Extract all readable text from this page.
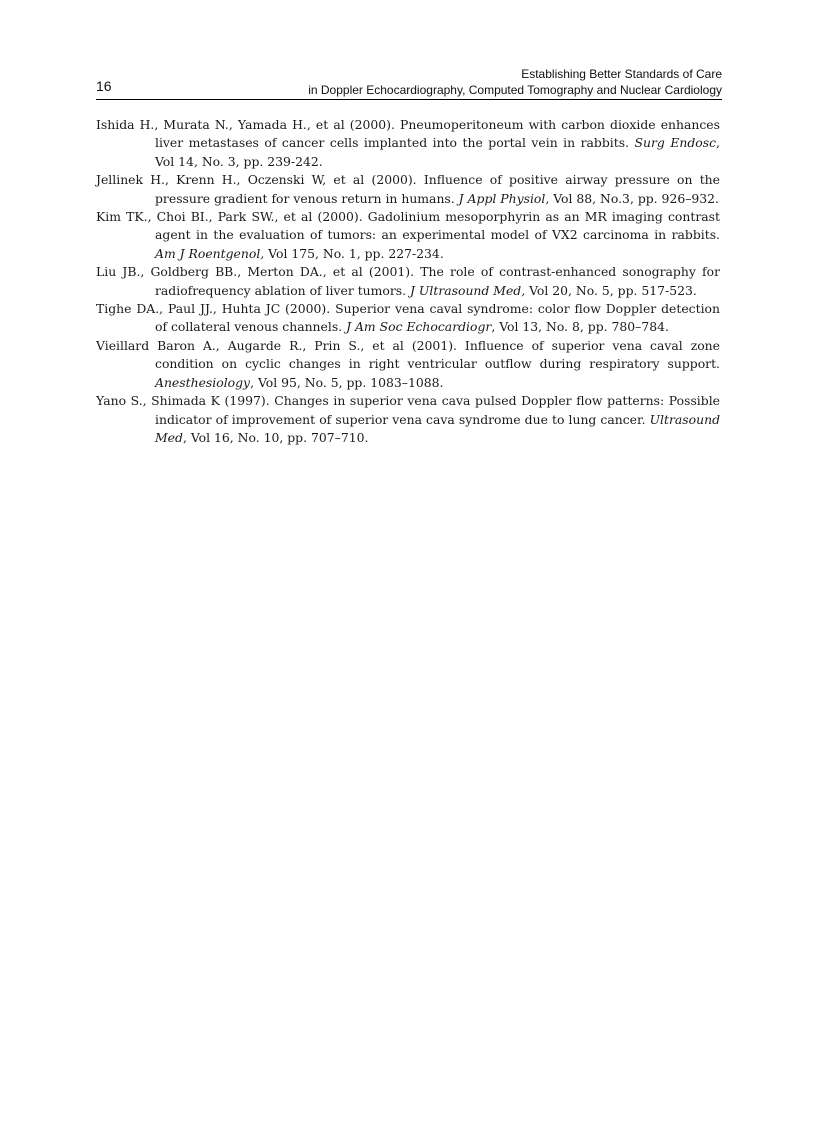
16
Establishing Better Standards of Care
in Doppler Echocardiography, Computed Tomography and Nuclear Cardiology

Ishida H., Murata N., Yamada H., et al (2000). Pneumoperitoneum with carbon dioxide enhances liver metastases of cancer cells implanted into the portal vein in rabbits. Surg Endosc, Vol 14, No. 3, pp. 239-242.

Jellinek H., Krenn H., Oczenski W, et al (2000). Influence of positive airway pressure on the pressure gradient for venous return in humans. J Appl Physiol, Vol 88, No.3, pp. 926–932.

Kim TK., Choi BI., Park SW., et al (2000). Gadolinium mesoporphyrin as an MR imaging contrast agent in the evaluation of tumors: an experimental model of VX2 carcinoma in rabbits. Am J Roentgenol, Vol 175, No. 1, pp. 227-234.

Liu JB., Goldberg BB., Merton DA., et al (2001). The role of contrast-enhanced sonography for radiofrequency ablation of liver tumors. J Ultrasound Med, Vol 20, No. 5, pp. 517-523.

Tighe DA., Paul JJ., Huhta JC (2000). Superior vena caval syndrome: color flow Doppler detection of collateral venous channels. J Am Soc Echocardiogr, Vol 13, No. 8, pp. 780–784.

Vieillard Baron A., Augarde R., Prin S., et al (2001). Influence of superior vena caval zone condition on cyclic changes in right ventricular outflow during respiratory support. Anesthesiology, Vol 95, No. 5, pp. 1083–1088.

Yano S., Shimada K (1997). Changes in superior vena cava pulsed Doppler flow patterns: Possible indicator of improvement of superior vena cava syndrome due to lung cancer. Ultrasound Med, Vol 16, No. 10, pp. 707–710.
